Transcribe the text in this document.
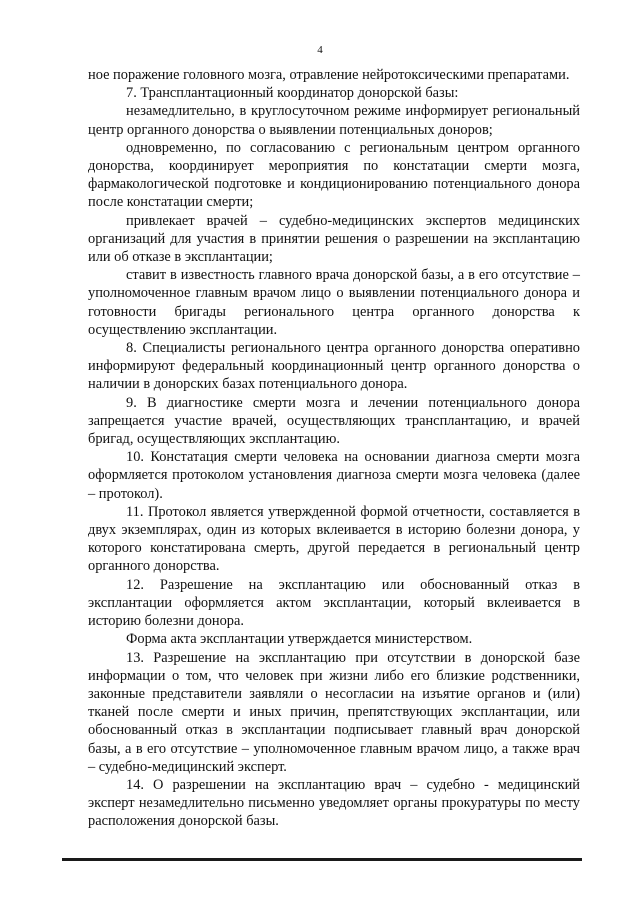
4

ное поражение головного мозга, отравление нейротоксическими препаратами.

7. Трансплантационный координатор донорской базы:

незамедлительно, в круглосуточном режиме информирует региональный центр органного донорства о выявлении потенциальных доноров;

одновременно, по согласованию с региональным центром органного донорства, координирует мероприятия по констатации смерти мозга, фармакологической подготовке и кондиционированию потенциального донора после констатации смерти;

привлекает врачей – судебно-медицинских экспертов медицинских организаций для участия в принятии решения о разрешении на эксплантацию или об отказе в эксплантации;

ставит в известность главного врача донорской базы, а в его отсутствие – уполномоченное главным врачом лицо о выявлении потенциального донора и готовности бригады регионального центра органного донорства к осуществлению эксплантации.

8. Специалисты регионального центра органного донорства оперативно информируют федеральный координационный центр органного донорства о наличии в донорских базах потенциального донора.

9. В диагностике смерти мозга и лечении потенциального донора запрещается участие врачей, осуществляющих трансплантацию, и врачей бригад, осуществляющих эксплантацию.

10. Констатация смерти человека на основании диагноза смерти мозга оформляется протоколом установления диагноза смерти мозга человека (далее – протокол).

11. Протокол является утвержденной формой отчетности, составляется в двух экземплярах, один из которых вклеивается в историю болезни донора, у которого констатирована смерть, другой передается в региональный центр органного донорства.

12. Разрешение на эксплантацию или обоснованный отказ в эксплантации оформляется актом эксплантации, который вклеивается в историю болезни донора.

Форма акта эксплантации утверждается министерством.

13. Разрешение на эксплантацию при отсутствии в донорской базе информации о том, что человек при жизни либо его близкие родственники, законные представители заявляли о несогласии на изъятие органов и (или) тканей после смерти и иных причин, препятствующих эксплантации, или обоснованный отказ в эксплантации подписывает главный врач донорской базы, а в его отсутствие – уполномоченное главным врачом лицо, а также врач – судебно-медицинский эксперт.

14. О разрешении на эксплантацию врач – судебно - медицинский эксперт незамедлительно письменно уведомляет органы прокуратуры по месту расположения донорской базы.
